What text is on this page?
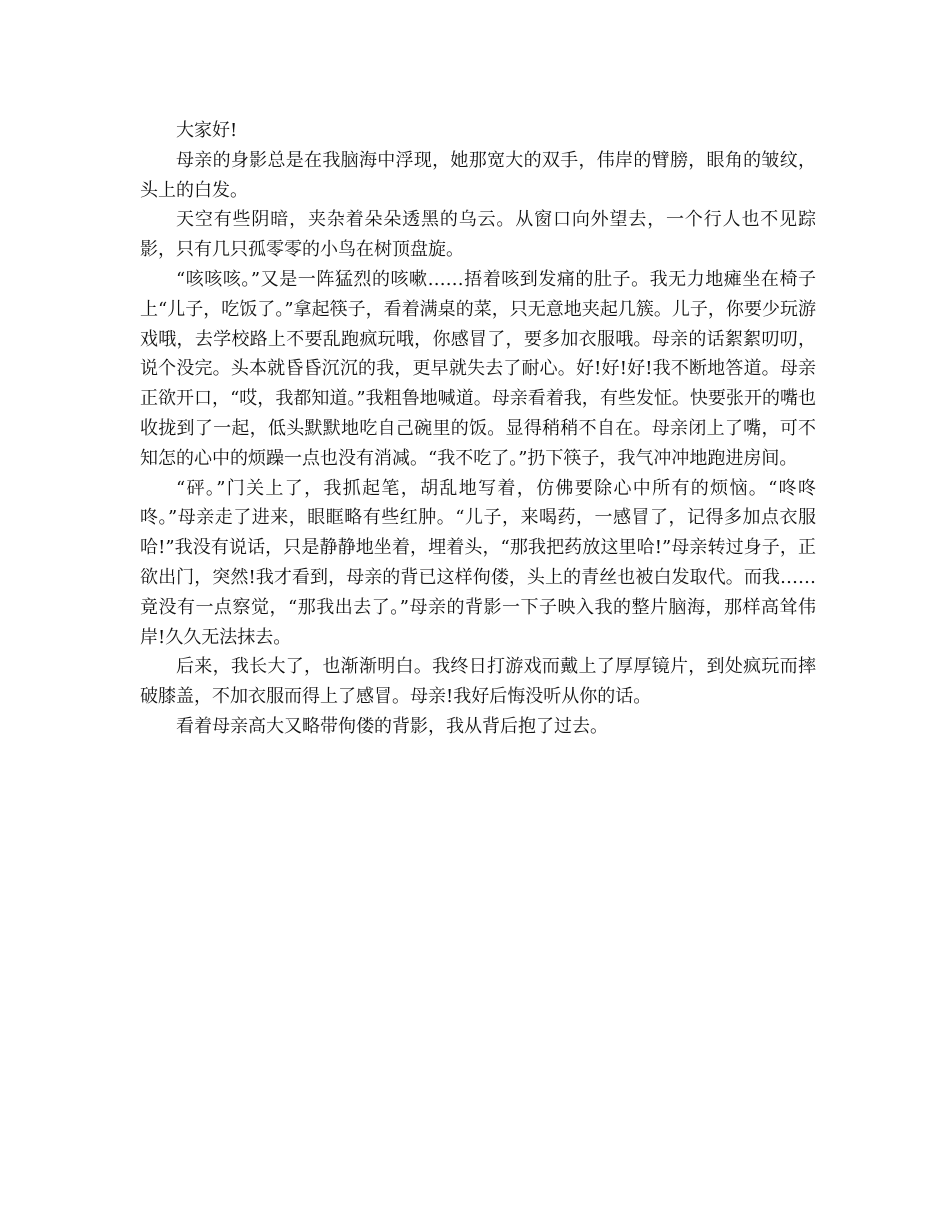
大家好!

母亲的身影总是在我脑海中浮现，她那宽大的双手，伟岸的臂膀，眼角的皱纹，头上的白发。

天空有些阴暗，夹杂着朵朵透黑的乌云。从窗口向外望去，一个行人也不见踪影，只有几只孤零零的小鸟在树顶盘旋。

“咳咳咳。”又是一阵猛烈的咳嗽……捂着咳到发痛的肚子。我无力地瘫坐在椅子上“儿子，吃饭了。”拿起筷子，看着满桌的菜，只无意地夹起几簇。儿子，你要少玩游戏哦，去学校路上不要乱跑疯玩哦，你感冒了，要多加衣服哦。母亲的话絮絮叨叨，说个没完。头本就昏昏沉沉的我，更早就失去了耐心。好!好!好!我不断地答道。母亲正欲开口，“哎，我都知道。”我粗鲁地喊道。母亲看着我，有些发怔。快要张开的嘴也收拢到了一起，低头默默地吃自己碗里的饭。显得稍稍不自在。母亲闭上了嘴，可不知怎的心中的烦躁一点也没有消减。“我不吃了。”扔下筷子，我气冲冲地跑进房间。

“砰。”门关上了，我抓起笔，胡乱地写着，仿佛要除心中所有的烦恼。“咚咚咚。”母亲走了进来，眼眶略有些红肿。“儿子，来喝药，一感冒了，记得多加点衣服哈!”我没有说话，只是静静地坐着，埋着头，“那我把药放这里哈!”母亲转过身子，正欲出门，突然!我才看到，母亲的背已这样佝偻，头上的青丝也被白发取代。而我……竟没有一点察觉，“那我出去了。”母亲的背影一下子映入我的整片脑海，那样高耸伟岸!久久无法抹去。

后来，我长大了，也渐渐明白。我终日打游戏而戴上了厚厚镜片，到处疯玩而摔破膝盖，不加衣服而得上了感冒。母亲!我好后悔没听从你的话。

看着母亲高大又略带佝偻的背影，我从背后抱了过去。
